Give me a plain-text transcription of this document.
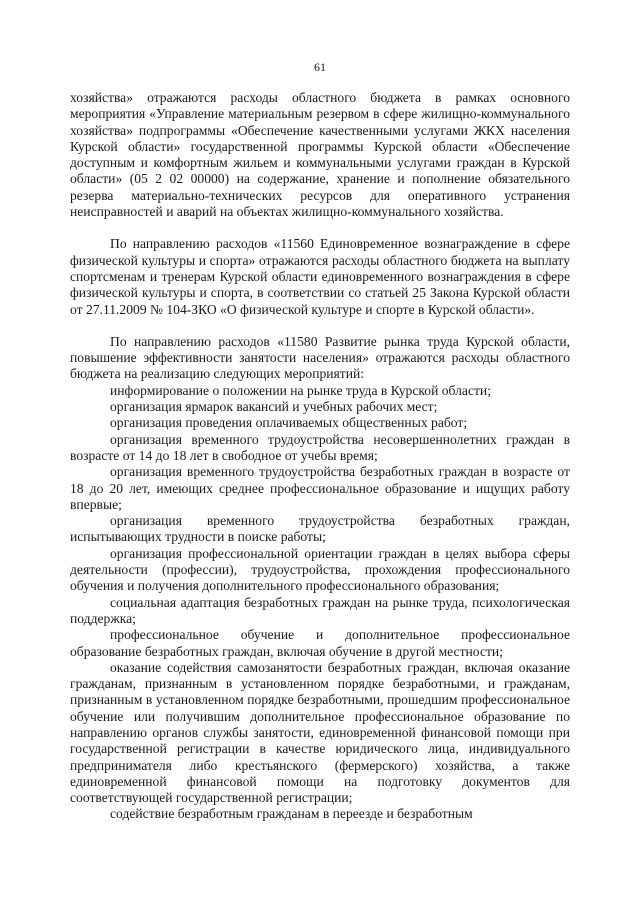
61

хозяйства» отражаются расходы областного бюджета в рамках основного мероприятия «Управление материальным резервом в сфере жилищно-коммунального хозяйства» подпрограммы «Обеспечение качественными услугами ЖКХ населения Курской области» государственной программы Курской области «Обеспечение доступным и комфортным жильем и коммунальными услугами граждан в Курской области» (05 2 02 00000) на содержание, хранение и пополнение обязательного резерва материально-технических ресурсов для оперативного устранения неисправностей и аварий на объектах жилищно-коммунального хозяйства.

По направлению расходов «11560 Единовременное вознаграждение в сфере физической культуры и спорта» отражаются расходы областного бюджета на выплату спортсменам и тренерам Курской области единовременного вознаграждения в сфере физической культуры и спорта, в соответствии со статьей 25 Закона Курской области от 27.11.2009 № 104-ЗКО «О физической культуре и спорте в Курской области».

По направлению расходов «11580 Развитие рынка труда Курской области, повышение эффективности занятости населения» отражаются расходы областного бюджета на реализацию следующих мероприятий:

информирование о положении на рынке труда в Курской области;

организация ярмарок вакансий и учебных рабочих мест;

организация проведения оплачиваемых общественных работ;

организация временного трудоустройства несовершеннолетних граждан в возрасте от 14 до 18 лет в свободное от учебы время;

организация временного трудоустройства безработных граждан в возрасте от 18 до 20 лет, имеющих среднее профессиональное образование и ищущих работу впервые;

организация временного трудоустройства безработных граждан, испытывающих трудности в поиске работы;

организация профессиональной ориентации граждан в целях выбора сферы деятельности (профессии), трудоустройства, прохождения профессионального обучения и получения дополнительного профессионального образования;

социальная адаптация безработных граждан на рынке труда, психологическая поддержка;

профессиональное обучение и дополнительное профессиональное образование безработных граждан, включая обучение в другой местности;

оказание содействия самозанятости безработных граждан, включая оказание гражданам, признанным в установленном порядке безработными, и гражданам, признанным в установленном порядке безработными, прошедшим профессиональное обучение или получившим дополнительное профессиональное образование по направлению органов службы занятости, единовременной финансовой помощи при государственной регистрации в качестве юридического лица, индивидуального предпринимателя либо крестьянского (фермерского) хозяйства, а также единовременной финансовой помощи на подготовку документов для соответствующей государственной регистрации;

содействие безработным гражданам в переезде и безработным
